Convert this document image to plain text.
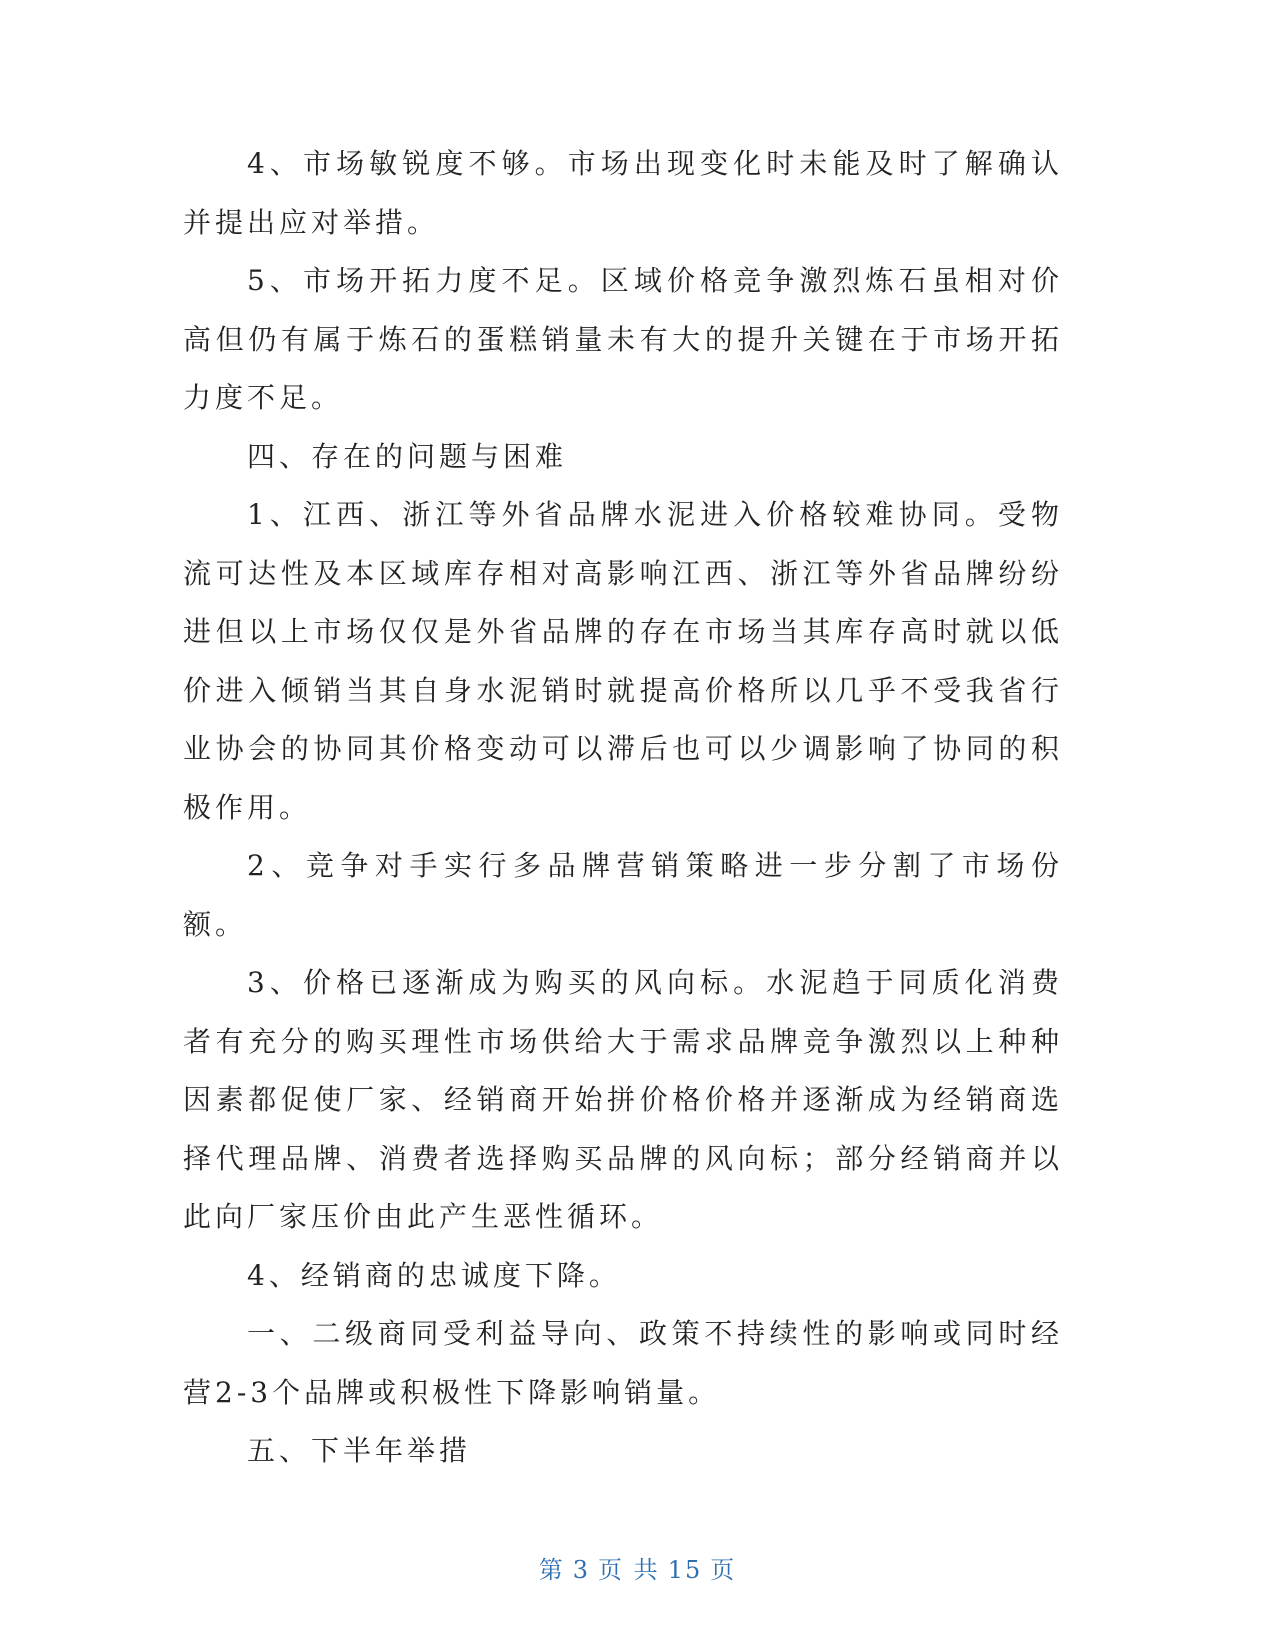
4、市场敏锐度不够。市场出现变化时未能及时了解确认并提出应对举措。

5、市场开拓力度不足。区域价格竞争激烈炼石虽相对价高但仍有属于炼石的蛋糕销量未有大的提升关键在于市场开拓力度不足。

四、存在的问题与困难

1、江西、浙江等外省品牌水泥进入价格较难协同。受物流可达性及本区域库存相对高影响江西、浙江等外省品牌纷纷进但以上市场仅仅是外省品牌的存在市场当其库存高时就以低价进入倾销当其自身水泥销时就提高价格所以几乎不受我省行业协会的协同其价格变动可以滞后也可以少调影响了协同的积极作用。

2、竞争对手实行多品牌营销策略进一步分割了市场份额。

3、价格已逐渐成为购买的风向标。水泥趋于同质化消费者有充分的购买理性市场供给大于需求品牌竞争激烈以上种种因素都促使厂家、经销商开始拼价格价格并逐渐成为经销商选择代理品牌、消费者选择购买品牌的风向标；部分经销商并以此向厂家压价由此产生恶性循环。

4、经销商的忠诚度下降。

一、二级商同受利益导向、政策不持续性的影响或同时经营2-3个品牌或积极性下降影响销量。

五、下半年举措

第 3 页 共 15 页
